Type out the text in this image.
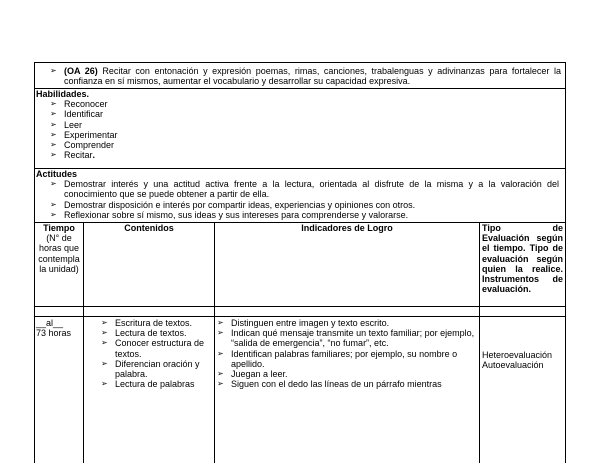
➢ (OA 26) Recitar con entonación y expresión poemas, rimas, canciones, trabalenguas y adivinanzas para fortalecer la confianza en sí mismos, aumentar el vocabulario y desarrollar su capacidad expresiva.
Habilidades.
➢ Reconocer
➢ Identificar
➢ Leer
➢ Experimentar
➢ Comprender
➢ Recitar.
Actitudes
➢ Demostrar interés y una actitud activa frente a la lectura, orientada al disfrute de la misma y a la valoración del conocimiento que se puede obtener a partir de ella.
➢ Demostrar disposición e interés por compartir ideas, experiencias y opiniones con otros.
➢ Reflexionar sobre sí mismo, sus ideas y sus intereses para comprenderse y valorarse.
Tiempo
(N° de horas que contempla la unidad)
Contenidos	Indicadores de Logro	Tipo de Evaluación según el tiempo. Tipo de evaluación según quien la realice. Instrumentos de evaluación.
__al__
73 horas
➢ Escritura de textos.
➢ Lectura de textos.
➢ Conocer estructura de textos.
➢ Diferencian oración y palabra.
➢ Lectura de palabras
➢ Distinguen entre imagen y texto escrito.
➢ Indican qué mensaje transmite un texto familiar; por ejemplo, “salida de emergencia”, “no fumar”, etc.
➢ Identifican palabras familiares; por ejemplo, su nombre o apellido.
➢ Juegan a leer.
➢ Siguen con el dedo las líneas de un párrafo mientras
Heteroevaluación
Autoevaluación
